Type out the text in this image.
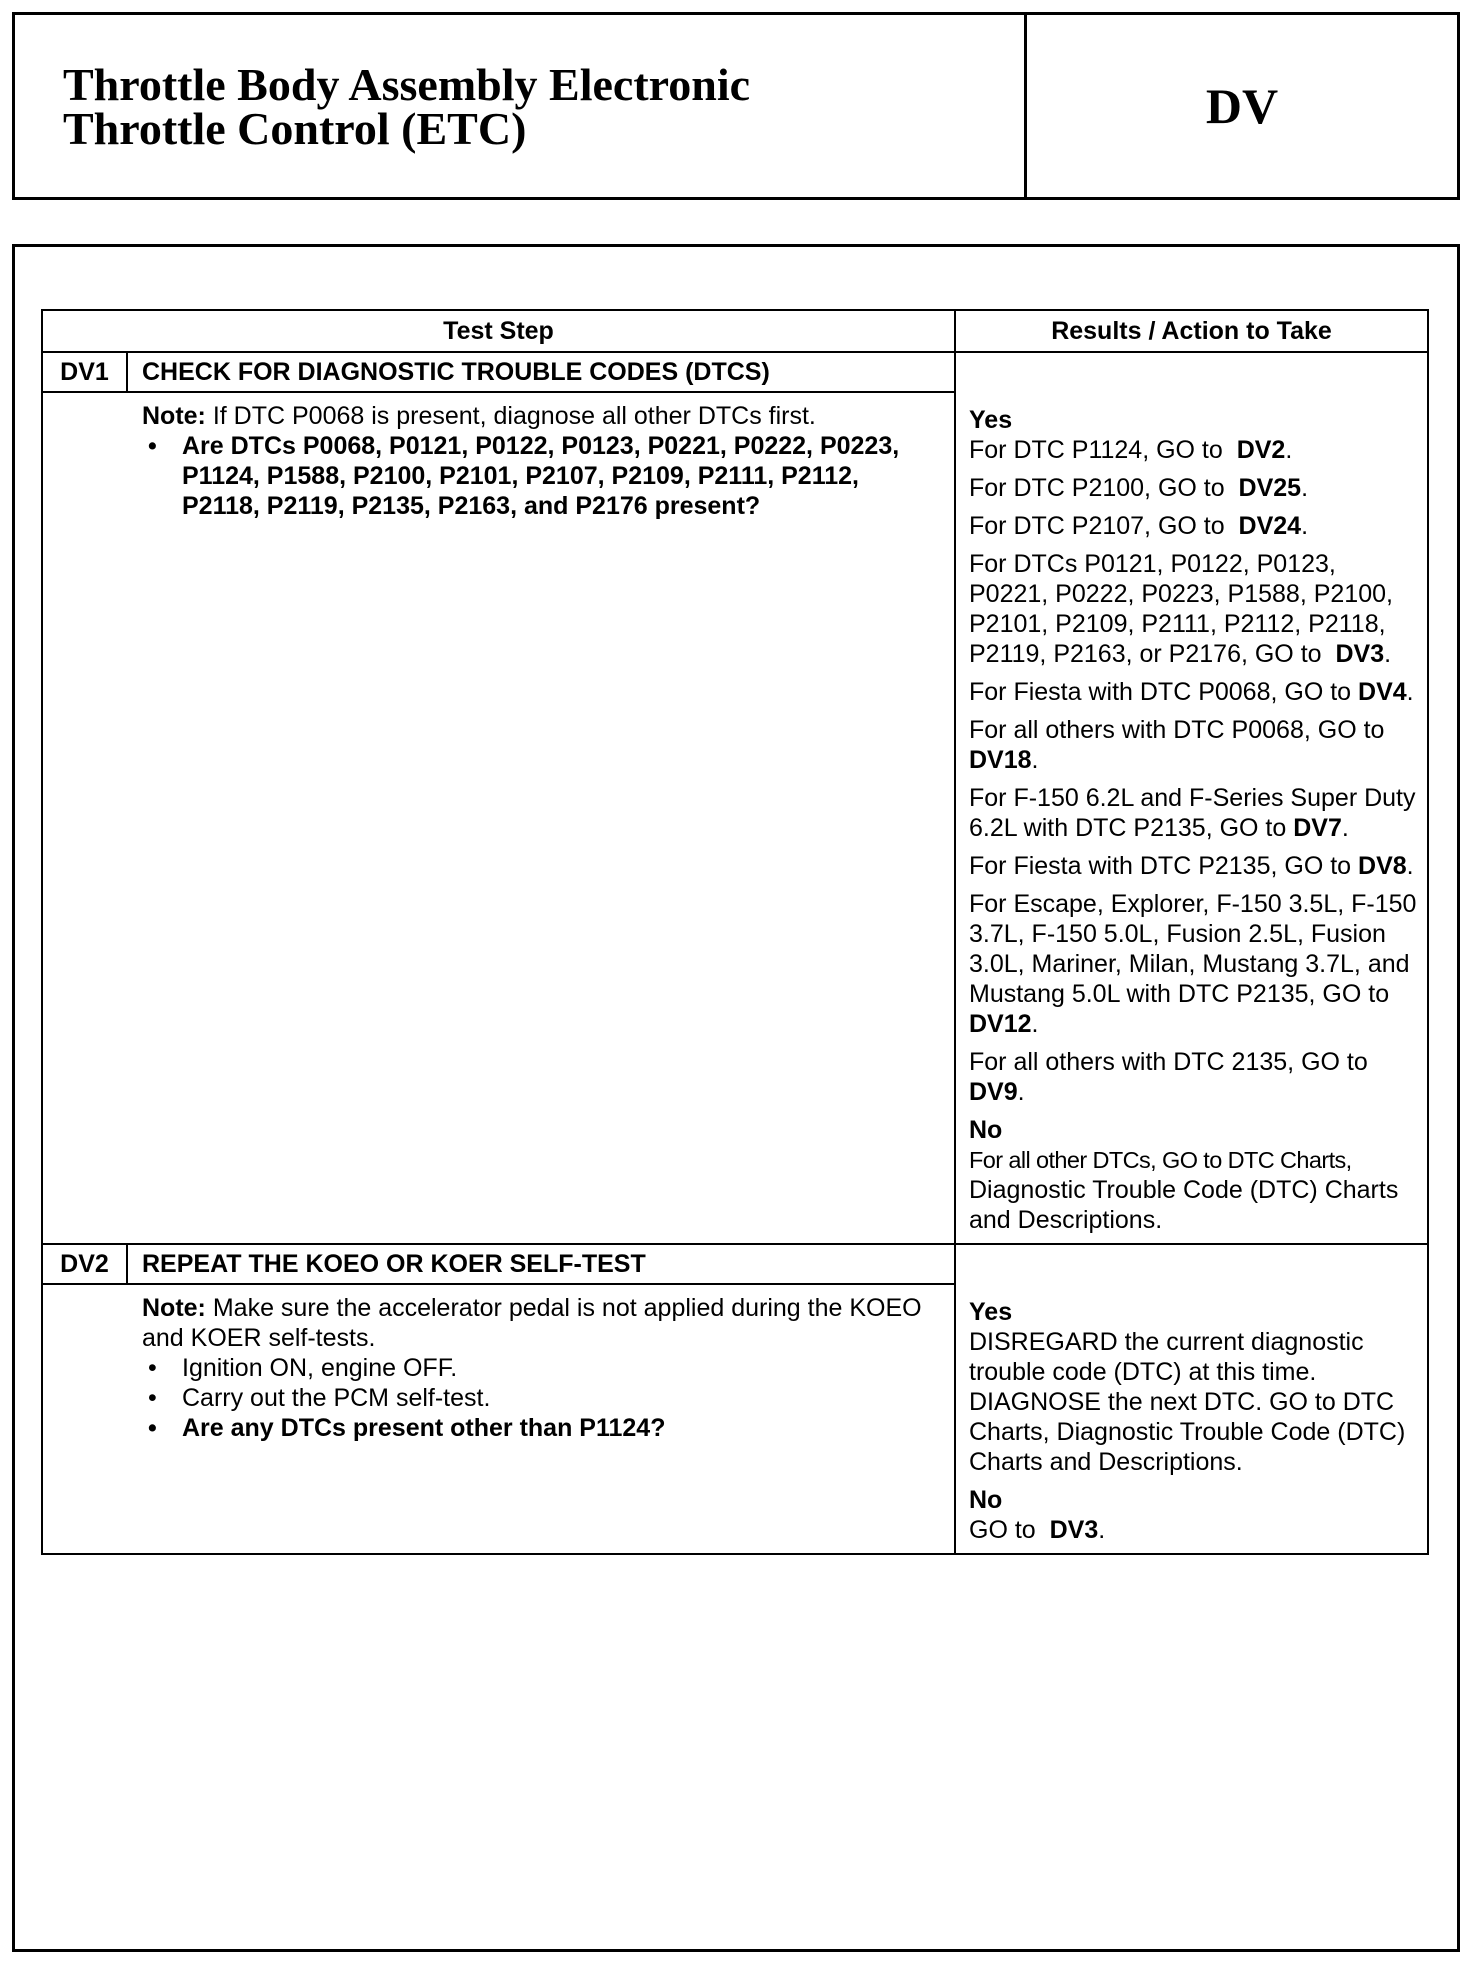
Throttle Body Assembly Electronic
Throttle Control (ETC)	DV
Test Step	Results / Action to Take
DV1	CHECK FOR DIAGNOSTIC TROUBLE CODES (DTCS)
Note: If DTC P0068 is present, diagnose all other DTCs first.
• Are DTCs P0068, P0121, P0122, P0123, P0221, P0222, P0223, P1124, P1588, P2100, P2101, P2107, P2109, P2111, P2112, P2118, P2119, P2135, P2163, and P2176 present?
Yes
For DTC P1124, GO to DV2.
For DTC P2100, GO to DV25.
For DTC P2107, GO to DV24.
For DTCs P0121, P0122, P0123, P0221, P0222, P0223, P1588, P2100, P2101, P2109, P2111, P2112, P2118, P2119, P2163, or P2176, GO to DV3.
For Fiesta with DTC P0068, GO to DV4.
For all others with DTC P0068, GO to  DV18.
For F-150 6.2L and F-Series Super Duty 6.2L with DTC P2135, GO to DV7.
For Fiesta with DTC P2135, GO to DV8.
For Escape, Explorer, F-150 3.5L, F-150 3.7L, F-150 5.0L, Fusion 2.5L, Fusion 3.0L, Mariner, Milan, Mustang 3.7L, and Mustang 5.0L with DTC P2135, GO to  DV12.
For all others with DTC 2135, GO to  DV9.
No
For all other DTCs, GO to DTC Charts,
Diagnostic Trouble Code (DTC) Charts and Descriptions.
DV2	REPEAT THE KOEO OR KOER SELF-TEST
Note: Make sure the accelerator pedal is not applied during the KOEO and KOER self-tests.
• Ignition ON, engine OFF.
• Carry out the PCM self-test.
• Are any DTCs present other than P1124?
Yes
DISREGARD the current diagnostic trouble code (DTC) at this time. DIAGNOSE the next DTC. GO to DTC Charts, Diagnostic Trouble Code (DTC) Charts and Descriptions.
No
GO to DV3.
